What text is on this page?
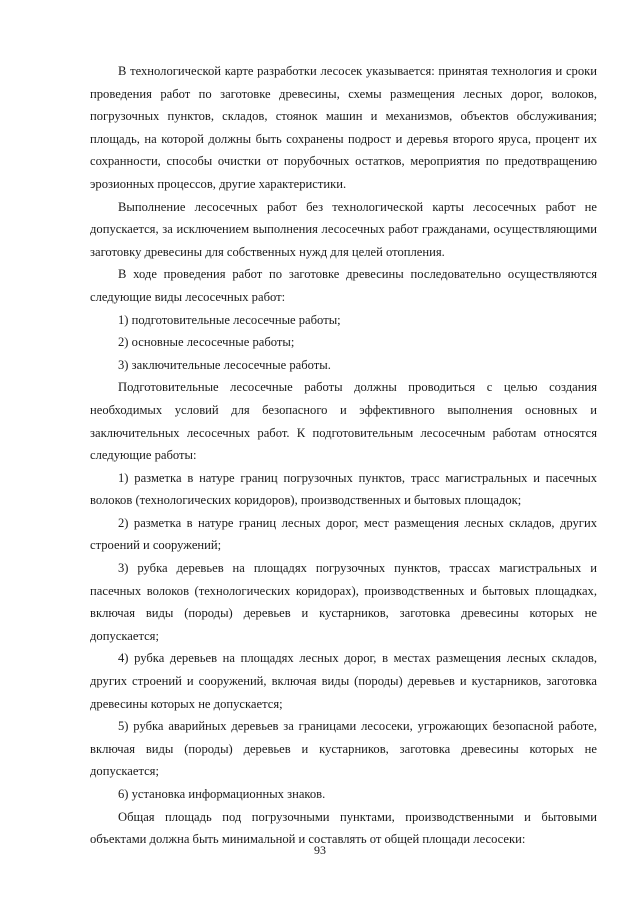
В технологической карте разработки лесосек указывается: принятая технология и сроки проведения работ по заготовке древесины, схемы размещения лесных дорог, волоков, погрузочных пунктов, складов, стоянок машин и механизмов, объектов обслуживания; площадь, на которой должны быть сохранены подрост и деревья второго яруса, процент их сохранности, способы очистки от порубочных остатков, мероприятия по предотвращению эрозионных процессов, другие характеристики.

Выполнение лесосечных работ без технологической карты лесосечных работ не допускается, за исключением выполнения лесосечных работ гражданами, осуществляющими заготовку древесины для собственных нужд для целей отопления.

В ходе проведения работ по заготовке древесины последовательно осуществляются следующие виды лесосечных работ:

1) подготовительные лесосечные работы;

2) основные лесосечные работы;

3) заключительные лесосечные работы.

Подготовительные лесосечные работы должны проводиться с целью создания необходимых условий для безопасного и эффективного выполнения основных и заключительных лесосечных работ. К подготовительным лесосечным работам относятся следующие работы:

1) разметка в натуре границ погрузочных пунктов, трасс магистральных и пасечных волоков (технологических коридоров), производственных и бытовых площадок;

2) разметка в натуре границ лесных дорог, мест размещения лесных складов, других строений и сооружений;

3) рубка деревьев на площадях погрузочных пунктов, трассах магистральных и пасечных волоков (технологических коридорах), производственных и бытовых площадках, включая виды (породы) деревьев и кустарников, заготовка древесины которых не допускается;

4) рубка деревьев на площадях лесных дорог, в местах размещения лесных складов, других строений и сооружений, включая виды (породы) деревьев и кустарников, заготовка древесины которых не допускается;

5) рубка аварийных деревьев за границами лесосеки, угрожающих безопасной работе, включая виды (породы) деревьев и кустарников, заготовка древесины которых не допускается;

6) установка информационных знаков.

Общая площадь под погрузочными пунктами, производственными и бытовыми объектами должна быть минимальной и составлять от общей площади лесосеки:

93
